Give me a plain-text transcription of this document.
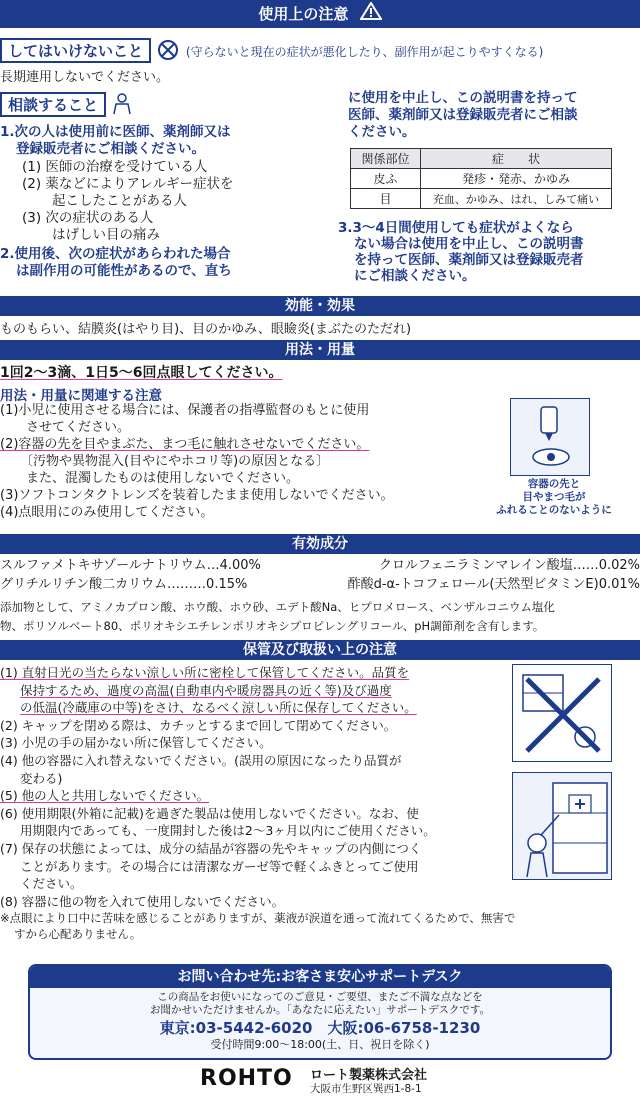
使用上の注意
してはいけないこと	(守らないと現在の症状が悪化したり、副作用が起こりやすくなる)
長期連用しないでください。
相談すること
1.次の人は使用前に医師、薬剤師又は
登録販売者にご相談ください。
(1) 医師の治療を受けている人
(2) 薬などによりアレルギー症状を
起こしたことがある人
(3) 次の症状のある人
はげしい目の痛み
2.使用後、次の症状があらわれた場合
は副作用の可能性があるので、直ち
に使用を中止し、この説明書を持って
医師、薬剤師又は登録販売者にご相談
ください。
関係部位	症　　状
皮ふ	発疹・発赤、かゆみ
目	充血、かゆみ、はれ、しみて痛い
3.3～4日間使用しても症状がよくなら
ない場合は使用を中止し、この説明書
を持って医師、薬剤師又は登録販売者
にご相談ください。
効能・効果
ものもらい、結膜炎(はやり目)、目のかゆみ、眼瞼炎(まぶたのただれ)
用法・用量
1回2～3滴、1日5～6回点眼してください。
用法・用量に関連する注意
(1)小児に使用させる場合には、保護者の指導監督のもとに使用
させてください。
(2)容器の先を目やまぶた、まつ毛に触れさせないでください。
〔汚物や異物混入(目やにやホコリ等)の原因となる〕
また、混濁したものは使用しないでください。
(3)ソフトコンタクトレンズを装着したまま使用しないでください。
(4)点眼用にのみ使用してください。
容器の先と
目やまつ毛が
ふれることのないように
有効成分
スルファメトキサゾールナトリウム…4.00%	クロルフェニラミンマレイン酸塩……0.02%
グリチルリチン酸二カリウム………0.15%	酢酸d-α-トコフェロール(天然型ビタミンE)0.01%
添加物として、アミノカプロン酸、ホウ酸、ホウ砂、エデト酸Na、ヒプロメロース、ベンザルコニウム塩化
物、ポリソルベート80、ポリオキシエチレンポリオキシプロピレングリコール、pH調節剤を含有します。
保管及び取扱い上の注意
(1) 直射日光の当たらない涼しい所に密栓して保管してください。品質を
保持するため、過度の高温(自動車内や暖房器具の近く等)及び過度
の低温(冷蔵庫の中等)をさけ、なるべく涼しい所に保存してください。
(2) キャップを閉める際は、カチッとするまで回して閉めてください。
(3) 小児の手の届かない所に保管してください。
(4) 他の容器に入れ替えないでください。(誤用の原因になったり品質が
変わる)
(5) 他の人と共用しないでください。
(6) 使用期限(外箱に記載)を過ぎた製品は使用しないでください。なお、使
用期限内であっても、一度開封した後は2～3ヶ月以内にご使用ください。
(7) 保存の状態によっては、成分の結晶が容器の先やキャップの内側につく
ことがあります。その場合には清潔なガーゼ等で軽くふきとってご使用
ください。
(8) 容器に他の物を入れて使用しないでください。
※点眼により口中に苦味を感じることがありますが、薬液が涙道を通って流れてくるためで、無害で
すから心配ありません。
お問い合わせ先:お客さま安心サポートデスク
この商品をお使いになってのご意見・ご要望、またご不満な点などを
お聞かせいただけませんか。「あなたに応えたい」サポートデスクです。
東京:03-5442-6020　大阪:06-6758-1230
受付時間9:00～18:00(土、日、祝日を除く)
ROHTO ロート製薬株式会社
大阪市生野区巽西1-8-1
